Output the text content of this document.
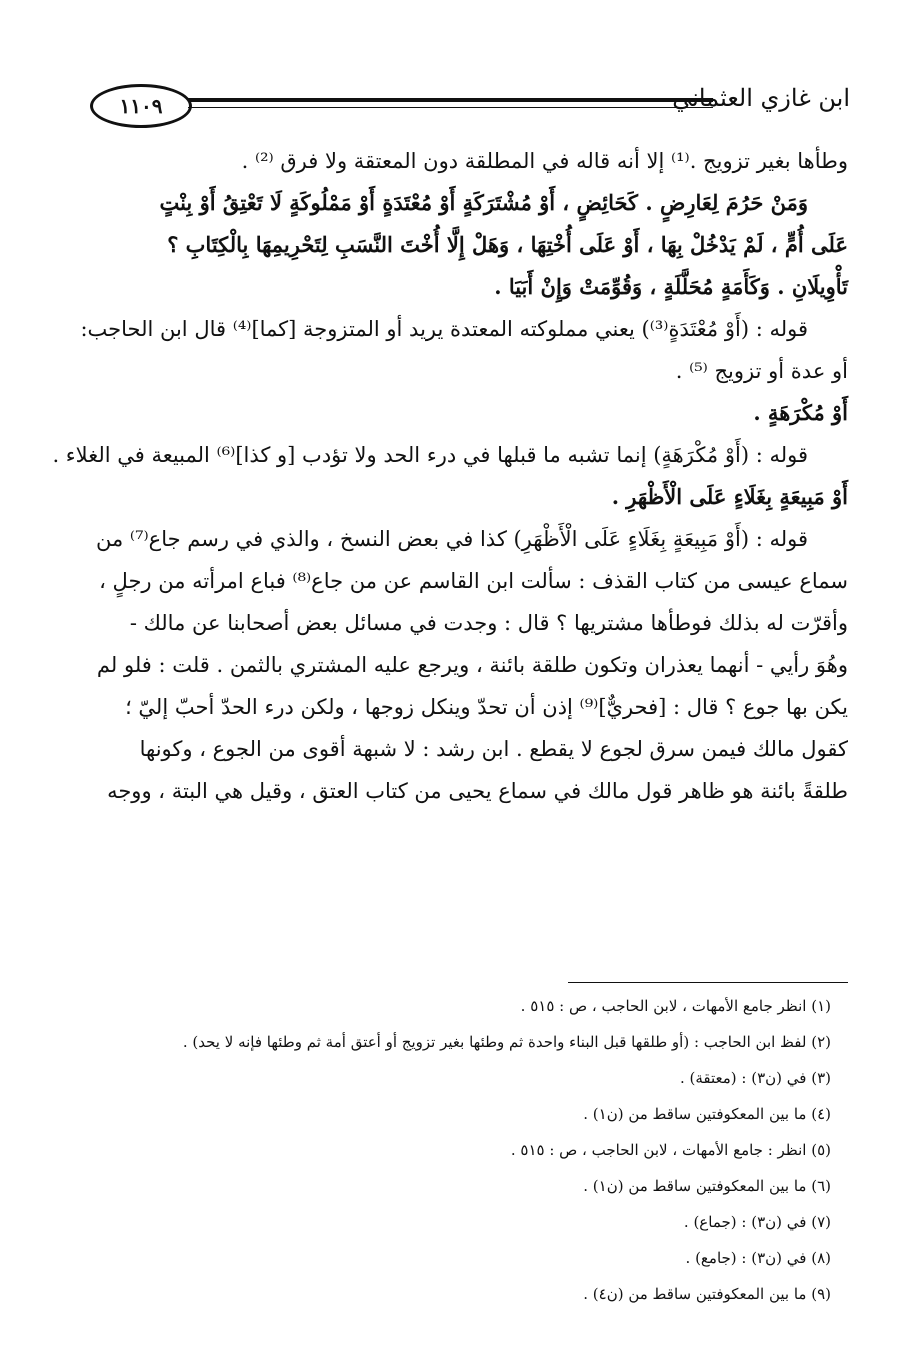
١١٠٩	ابن غازي العثماني
وطأها بغير تزويج .⁽¹⁾ إلا أنه قاله في المطلقة دون المعتقة ولا فرق ⁽²⁾ .
وَمَنْ حَرُمَ لِعَارِضٍ . كَحَائِضٍ ، أَوْ مُشْتَرَكَةٍ أَوْ مُعْتَدَةٍ أَوْ مَمْلُوكَةٍ لَا تَعْتِقُ أَوْ بِنْتٍ
عَلَى أُمٍّ ، لَمْ يَدْخُلْ بِهَا ، أَوْ عَلَى أُخْتِهَا ، وَهَلْ إِلَّا أُخْتَ النَّسَبِ لِتَحْرِيمِهَا بِالْكِتَابِ ؟
تَأْوِيلَانِ . وَكَأَمَةٍ مُحَلَّلَةٍ ، وَقُوِّمَتْ وَإِنْ أَبَيَا .
قوله : (أَوْ مُعْتَدَةٍ⁽³⁾) يعني مملوكته المعتدة يريد أو المتزوجة [كما]⁽⁴⁾ قال ابن الحاجب:
أو عدة أو تزويج ⁽⁵⁾ .
أَوْ مُكْرَهَةٍ .
قوله : (أَوْ مُكْرَهَةٍ) إنما تشبه ما قبلها في درء الحد ولا تؤدب [و كذا]⁽⁶⁾ المبيعة في الغلاء .
أَوْ مَبِيعَةٍ بِغَلَاءٍ عَلَى الْأَظْهَرِ .
قوله : (أَوْ مَبِيعَةٍ بِغَلَاءٍ عَلَى الْأَظْهَرِ) كذا في بعض النسخ ، والذي في رسم جاع⁽⁷⁾ من
سماع عيسى من كتاب القذف : سألت ابن القاسم عن من جاع⁽⁸⁾ فباع امرأته من رجلٍ ،
وأقرّت له بذلك فوطأها مشتريها ؟ قال : وجدت في مسائل بعض أصحابنا عن مالك -
وهُوَ رأيي - أنهما يعذران وتكون طلقة بائنة ، ويرجع عليه المشتري بالثمن . قلت : فلو لم
يكن بها جوع ؟ قال : [فحريٌّ]⁽⁹⁾ إذن أن تحدّ وينكل زوجها ، ولكن درء الحدّ أحبّ إليّ ؛
كقول مالك فيمن سرق لجوع لا يقطع . ابن رشد : لا شبهة أقوى من الجوع ، وكونها
طلقةً بائنة هو ظاهر قول مالك في سماع يحيى من كتاب العتق ، وقيل هي البتة ، ووجه
(١) انظر جامع الأمهات ، لابن الحاجب ، ص : ٥١٥ .
(٢) لفظ ابن الحاجب : (أو طلقها قبل البناء واحدة ثم وطئها بغير تزويج أو أعتق أمة ثم وطئها فإنه لا يحد) .
(٣) في (ن٣) : (معتقة) .
(٤) ما بين المعكوفتين ساقط من (ن١) .
(٥) انظر : جامع الأمهات ، لابن الحاجب ، ص : ٥١٥ .
(٦) ما بين المعكوفتين ساقط من (ن١) .
(٧) في (ن٣) : (جماع) .
(٨) في (ن٣) : (جامع) .
(٩) ما بين المعكوفتين ساقط من (ن٤) .
